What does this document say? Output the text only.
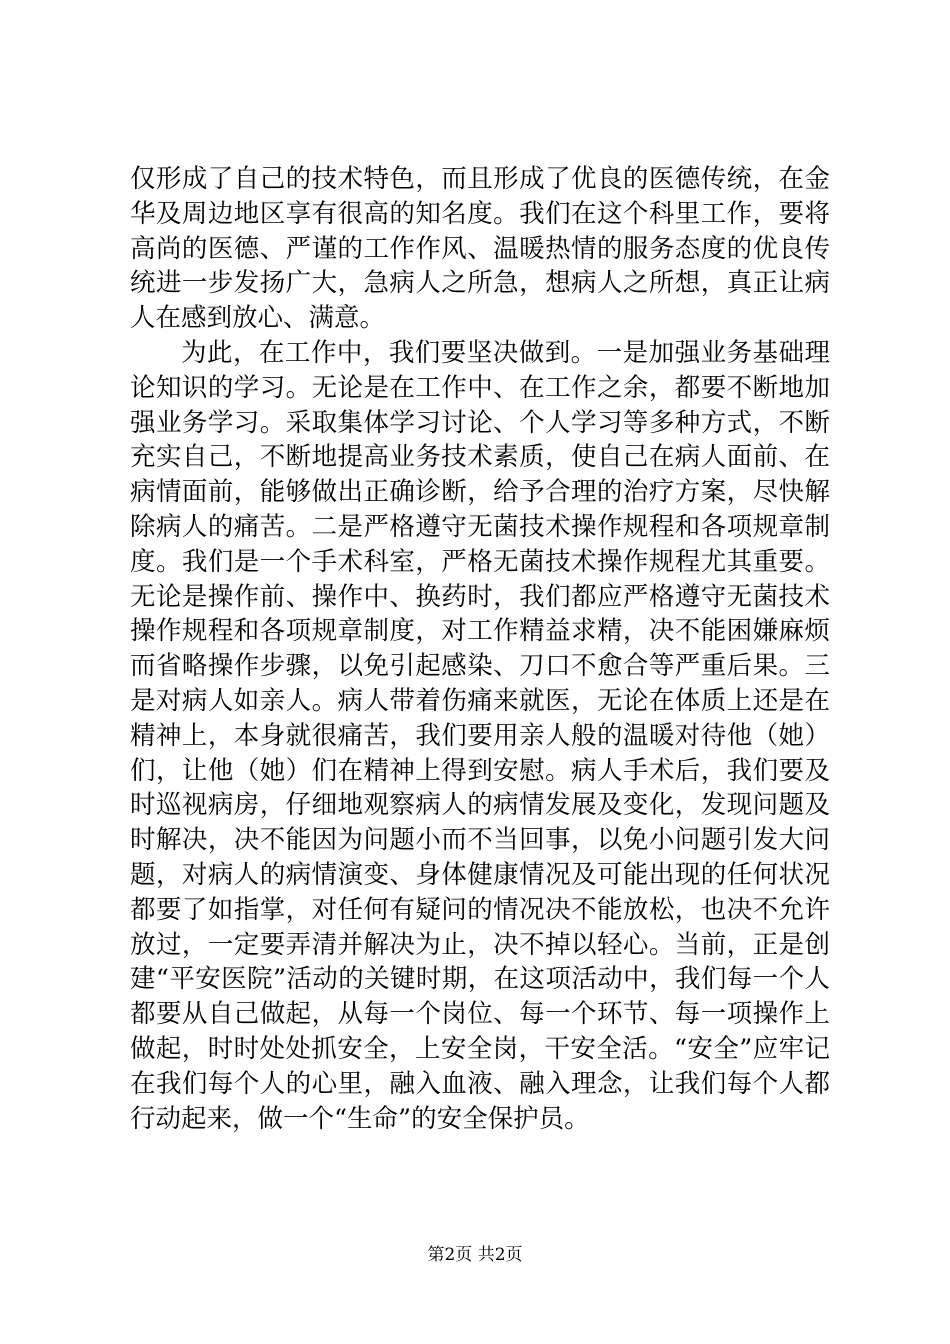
仅形成了自己的技术特色，而且形成了优良的医德传统，在金华及周边地区享有很高的知名度。我们在这个科里工作，要将高尚的医德、严谨的工作作风、温暖热情的服务态度的优良传统进一步发扬广大，急病人之所急，想病人之所想，真正让病人在感到放心、满意。

为此，在工作中，我们要坚决做到。一是加强业务基础理论知识的学习。无论是在工作中、在工作之余，都要不断地加强业务学习。采取集体学习讨论、个人学习等多种方式，不断充实自己，不断地提高业务技术素质，使自己在病人面前、在病情面前，能够做出正确诊断，给予合理的治疗方案，尽快解除病人的痛苦。二是严格遵守无菌技术操作规程和各项规章制度。我们是一个手术科室，严格无菌技术操作规程尤其重要。无论是操作前、操作中、换药时，我们都应严格遵守无菌技术操作规程和各项规章制度，对工作精益求精，决不能困嫌麻烦而省略操作步骤，以免引起感染、刀口不愈合等严重后果。三是对病人如亲人。病人带着伤痛来就医，无论在体质上还是在精神上，本身就很痛苦，我们要用亲人般的温暖对待他（她）们，让他（她）们在精神上得到安慰。病人手术后，我们要及时巡视病房，仔细地观察病人的病情发展及变化，发现问题及时解决，决不能因为问题小而不当回事，以免小问题引发大问题，对病人的病情演变、身体健康情况及可能出现的任何状况都要了如指掌，对任何有疑问的情况决不能放松，也决不允许放过，一定要弄清并解决为止，决不掉以轻心。当前，正是创建“平安医院”活动的关键时期，在这项活动中，我们每一个人都要从自己做起，从每一个岗位、每一个环节、每一项操作上做起，时时处处抓安全，上安全岗，干安全活。“安全”应牢记在我们每个人的心里，融入血液、融入理念，让我们每个人都行动起来，做一个“生命”的安全保护员。

第2页 共2页
